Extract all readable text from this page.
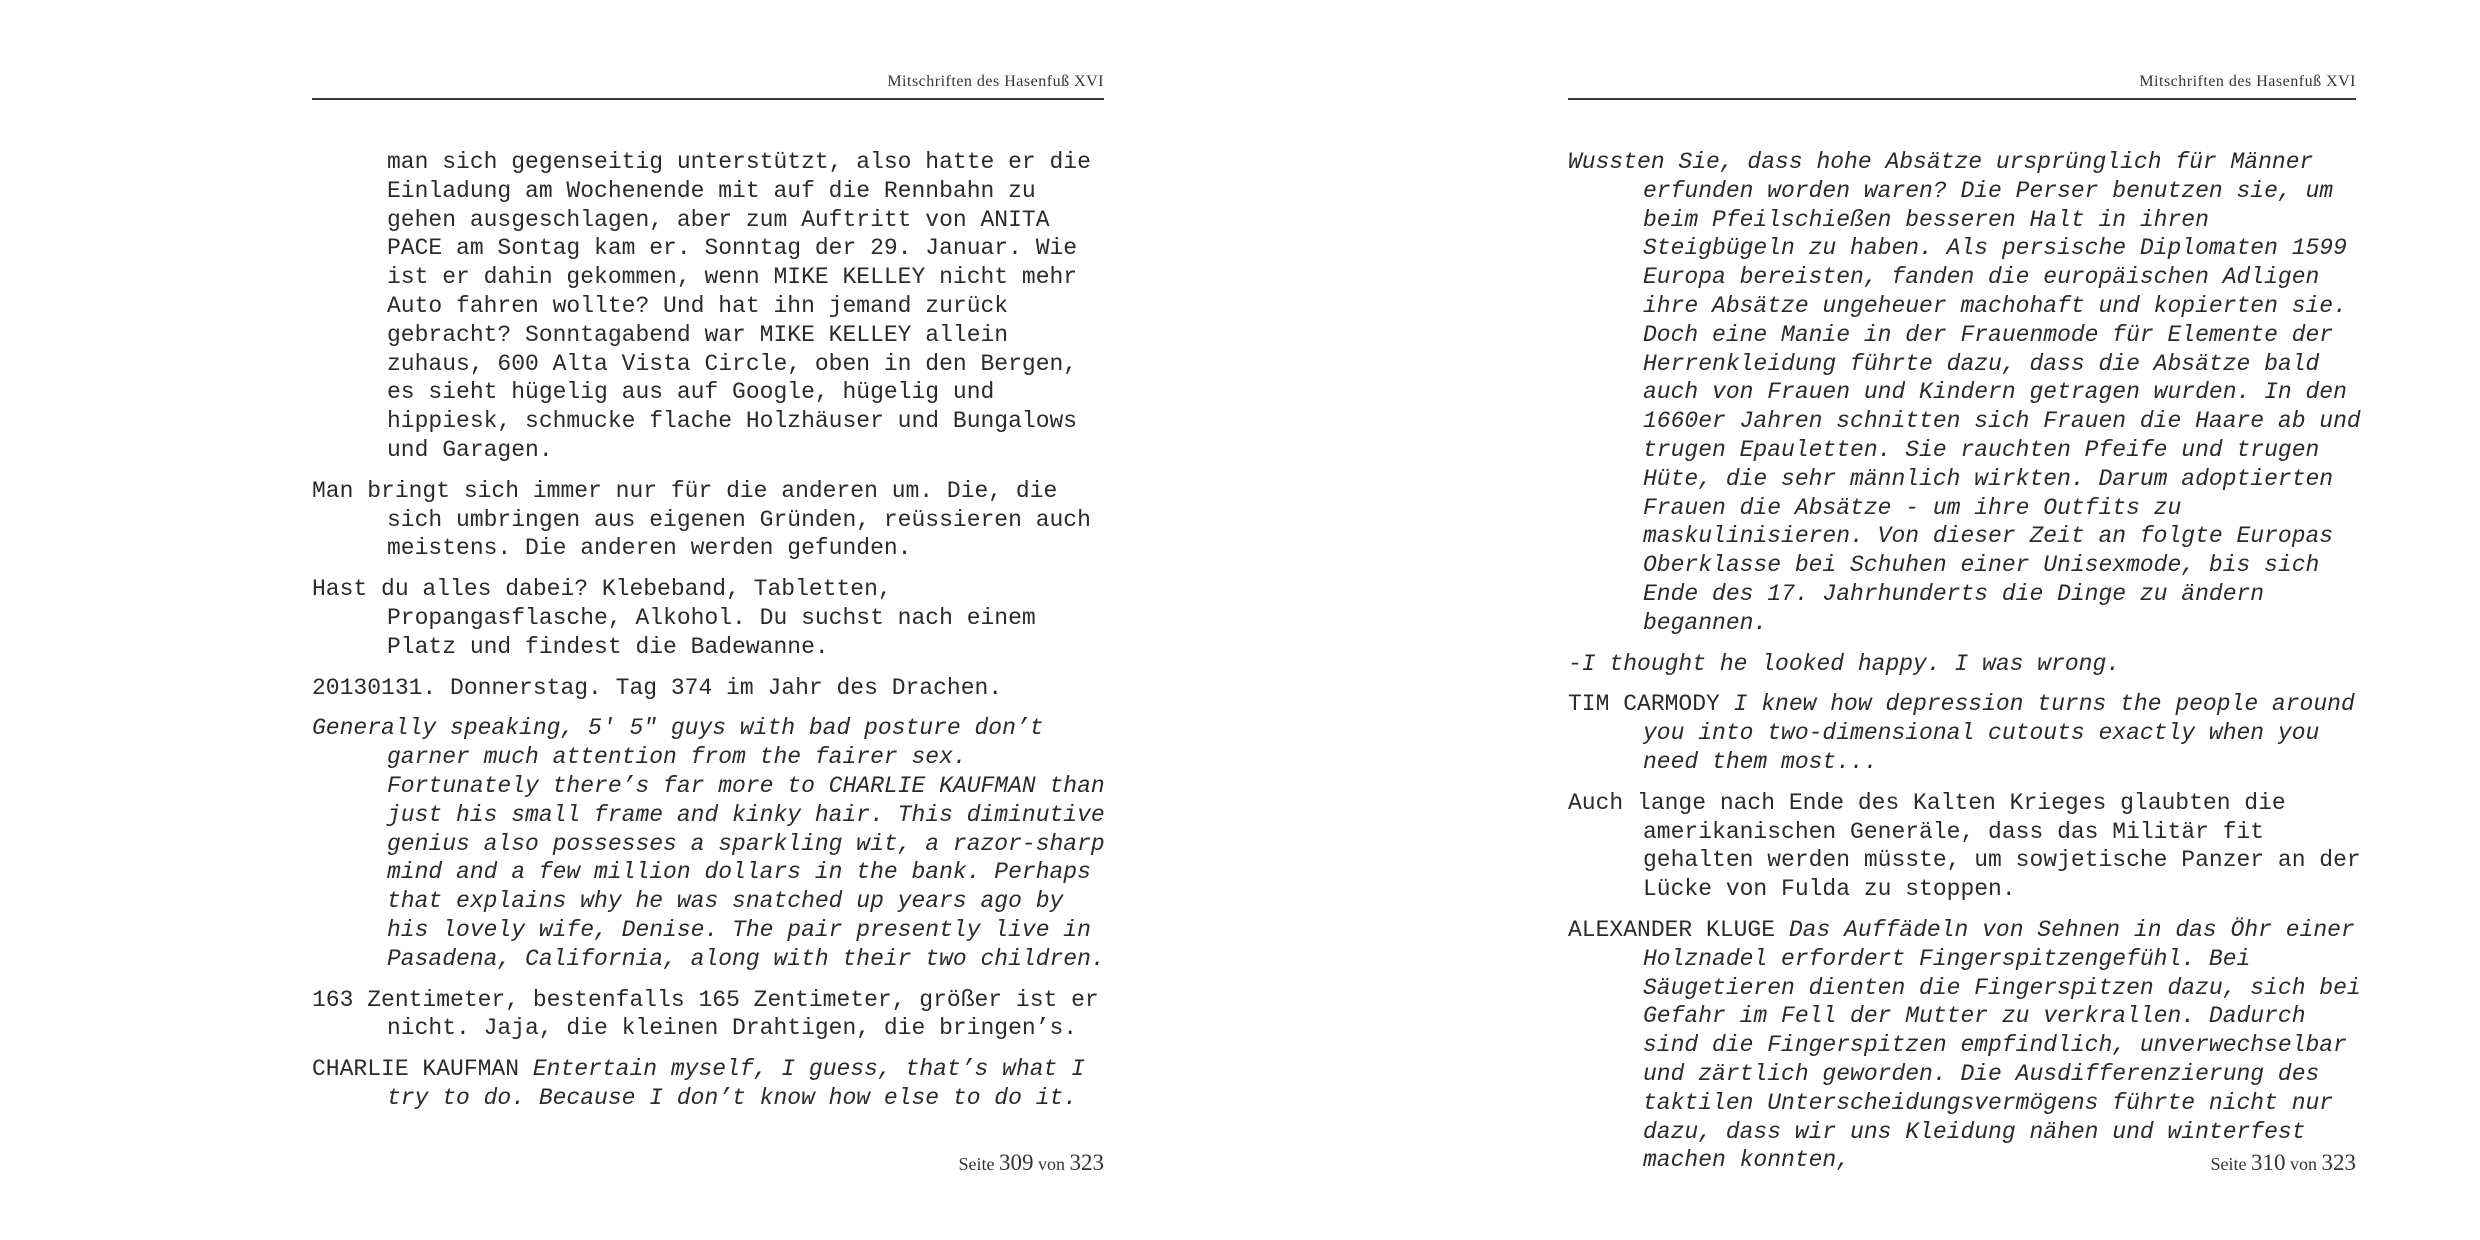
Mitschriften des Hasenfuß XVI

man sich gegenseitig unterstützt, also hatte er die Einladung am Wochenende mit auf die Rennbahn zu gehen ausgeschlagen, aber zum Auftritt von ANITA PACE am Sontag kam er. Sonntag der 29. Januar. Wie ist er dahin gekommen, wenn MIKE KELLEY nicht mehr Auto fahren wollte? Und hat ihn jemand zurück gebracht? Sonntagabend war MIKE KELLEY allein zuhaus, 600 Alta Vista Circle, oben in den Bergen, es sieht hügelig aus auf Google, hügelig und hippiesk, schmucke flache Holzhäuser und Bungalows und Garagen.

Man bringt sich immer nur für die anderen um. Die, die sich umbringen aus eigenen Gründen, reüssieren auch meistens. Die anderen werden gefunden.

Hast du alles dabei? Klebeband, Tabletten, Propangasflasche, Alkohol. Du suchst nach einem Platz und findest die Badewanne.

20130131. Donnerstag. Tag 374 im Jahr des Drachen.

Generally speaking, 5' 5" guys with bad posture don’t garner much attention from the fairer sex. Fortunately there’s far more to CHARLIE KAUFMAN than just his small frame and kinky hair. This diminutive genius also possesses a sparkling wit, a razor-sharp mind and a few million dollars in the bank. Perhaps that explains why he was snatched up years ago by his lovely wife, Denise. The pair presently live in Pasadena, California, along with their two children.

163 Zentimeter, bestenfalls 165 Zentimeter, größer ist er nicht. Jaja, die kleinen Drahtigen, die bringen’s.

CHARLIE KAUFMAN Entertain myself, I guess, that’s what I try to do. Because I don’t know how else to do it.

Seite 309 von 323
Mitschriften des Hasenfuß XVI

Wussten Sie, dass hohe Absätze ursprünglich für Männer erfunden worden waren? Die Perser benutzen sie, um beim Pfeilschießen besseren Halt in ihren Steigbügeln zu haben. Als persische Diplomaten 1599 Europa bereisten, fanden die europäischen Adligen ihre Absätze ungeheuer machohaft und kopierten sie. Doch eine Manie in der Frauenmode für Elemente der Herrenkleidung führte dazu, dass die Absätze bald auch von Frauen und Kindern getragen wurden. In den 1660er Jahren schnitten sich Frauen die Haare ab und trugen Epauletten. Sie rauchten Pfeife und trugen Hüte, die sehr männlich wirkten. Darum adoptierten Frauen die Absätze - um ihre Outfits zu maskulinisieren. Von dieser Zeit an folgte Europas Oberklasse bei Schuhen einer Unisexmode, bis sich Ende des 17. Jahrhunderts die Dinge zu ändern begannen.

-I thought he looked happy. I was wrong.

TIM CARMODY I knew how depression turns the people around you into two-dimensional cutouts exactly when you need them most...

Auch lange nach Ende des Kalten Krieges glaubten die amerikanischen Generäle, dass das Militär fit gehalten werden müsste, um sowjetische Panzer an der Lücke von Fulda zu stoppen.

ALEXANDER KLUGE Das Auffädeln von Sehnen in das Öhr einer Holznadel erfordert Fingerspitzengefühl. Bei Säugetieren dienten die Fingerspitzen dazu, sich bei Gefahr im Fell der Mutter zu verkrallen. Dadurch sind die Fingerspitzen empfindlich, unverwechselbar und zärtlich geworden. Die Ausdifferenzierung des taktilen Unterscheidungsvermögens führte nicht nur dazu, dass wir uns Kleidung nähen und winterfest machen konnten,	Seite 310 von 323
